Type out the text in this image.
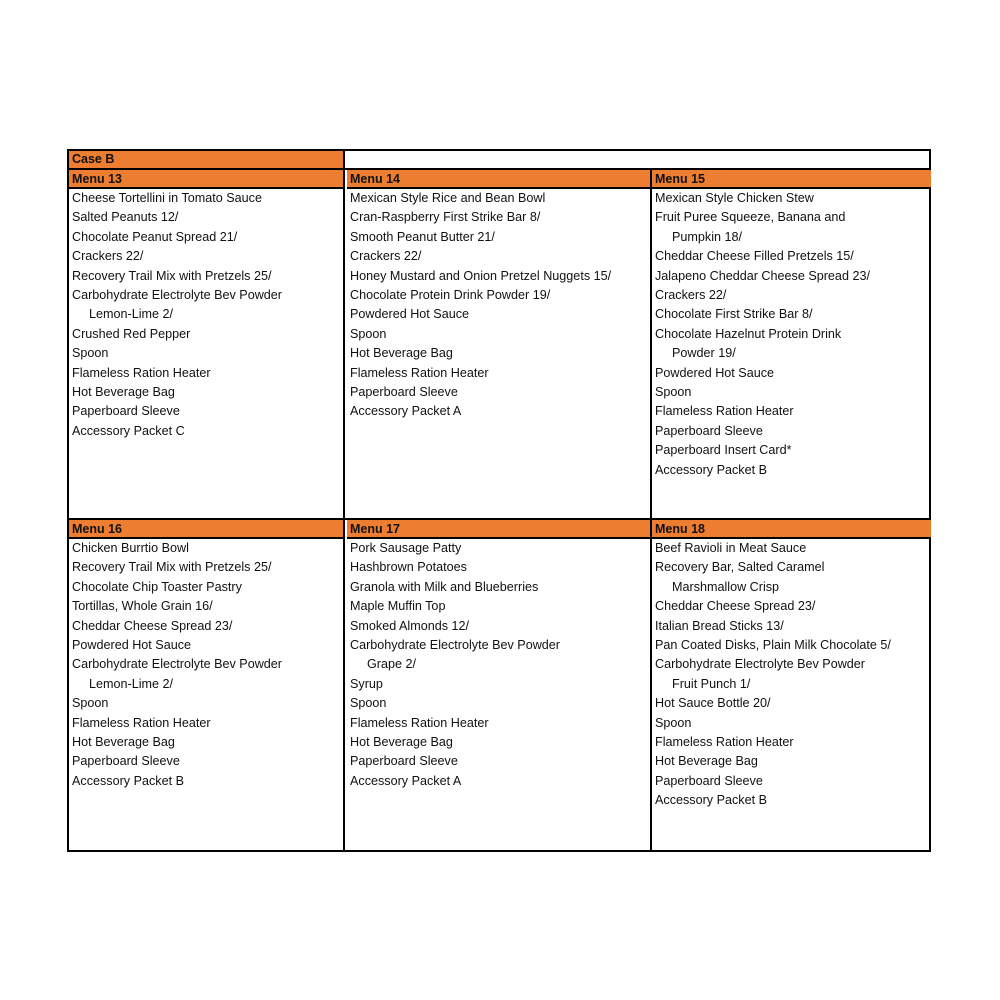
Case B
Menu 13
Cheese Tortellini in Tomato Sauce
Salted Peanuts 12/
Chocolate Peanut Spread 21/
Crackers 22/
Recovery Trail Mix with Pretzels 25/
Carbohydrate Electrolyte Bev Powder
Lemon-Lime 2/
Crushed Red Pepper
Spoon
Flameless Ration Heater
Hot Beverage Bag
Paperboard Sleeve
Accessory Packet C
Menu 14
Mexican Style Rice and Bean Bowl
Cran-Raspberry First Strike Bar 8/
Smooth Peanut Butter 21/
Crackers 22/
Honey Mustard and Onion Pretzel Nuggets 15/
Chocolate Protein Drink Powder 19/
Powdered Hot Sauce
Spoon
Hot Beverage Bag
Flameless Ration Heater
Paperboard Sleeve
Accessory Packet A
Menu 15
Mexican Style Chicken Stew
Fruit Puree Squeeze, Banana and
Pumpkin 18/
Cheddar Cheese Filled Pretzels 15/
Jalapeno Cheddar Cheese Spread 23/
Crackers 22/
Chocolate First Strike Bar 8/
Chocolate Hazelnut Protein Drink
Powder 19/
Powdered Hot Sauce
Spoon
Flameless Ration Heater
Paperboard Sleeve
Paperboard Insert Card*
Accessory Packet B
Menu 16
Chicken Burrtio Bowl
Recovery Trail Mix with Pretzels 25/
Chocolate Chip Toaster Pastry
Tortillas, Whole Grain 16/
Cheddar Cheese Spread 23/
Powdered Hot Sauce
Carbohydrate Electrolyte Bev Powder
Lemon-Lime 2/
Spoon
Flameless Ration Heater
Hot Beverage Bag
Paperboard Sleeve
Accessory Packet B
Menu 17
Pork Sausage Patty
Hashbrown Potatoes
Granola with Milk and Blueberries
Maple Muffin Top
Smoked Almonds 12/
Carbohydrate Electrolyte Bev Powder
Grape 2/
Syrup
Spoon
Flameless Ration Heater
Hot Beverage Bag
Paperboard Sleeve
Accessory Packet A
Menu 18
Beef Ravioli in Meat Sauce
Recovery Bar, Salted Caramel
Marshmallow Crisp
Cheddar Cheese Spread 23/
Italian Bread Sticks 13/
Pan Coated Disks, Plain Milk Chocolate 5/
Carbohydrate Electrolyte Bev Powder
Fruit Punch 1/
Hot Sauce Bottle 20/
Spoon
Flameless Ration Heater
Hot Beverage Bag
Paperboard Sleeve
Accessory Packet B
